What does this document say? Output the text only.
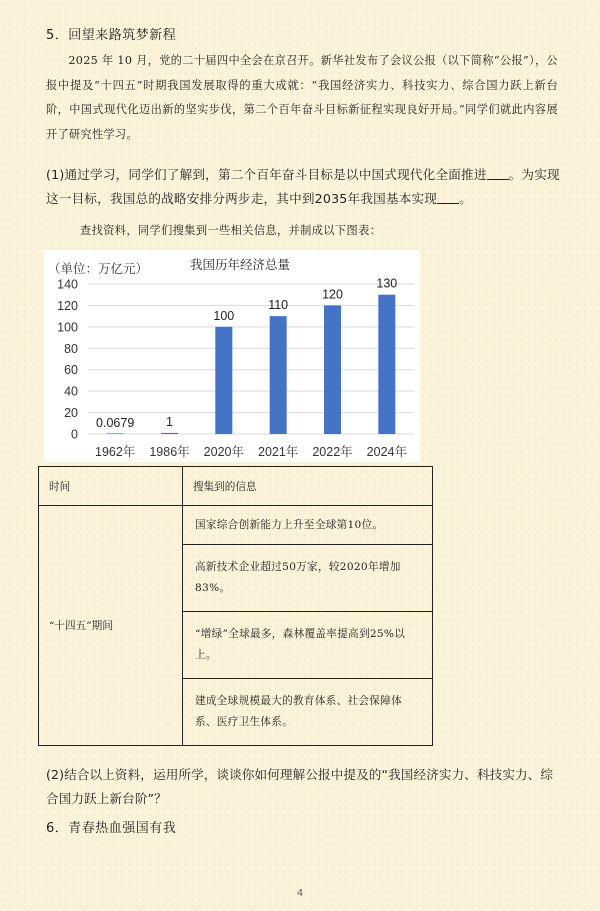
5．回望来路筑梦新程
2025 年 10 月，党的二十届四中全会在京召开。新华社发布了会议公报（以下简称“公报”），公报中提及“十四五”时期我国发展取得的重大成就：“我国经济实力、科技实力、综合国力跃上新台阶，中国式现代化迈出新的坚实步伐，第二个百年奋斗目标新征程实现良好开局。”同学们就此内容展开了研究性学习。
(1)通过学习，同学们了解到，第二个百年奋斗目标是以中国式现代化全面推进 。为实现这一目标，我国总的战略安排分两步走，其中到2035年我国基本实现 。
查找资料，同学们搜集到一些相关信息，并制成以下图表：
（单位：万亿元）	我国历年经济总量
0
20
40
60
80
100
120
140
0.0679
1962年
1
1986年
100
2020年
110
2021年
120
2022年
130
2024年
时间	搜集到的信息
“十四五”期间	国家综合创新能力上升至全球第10位。

	高新技术企业超过50万家，较2020年增加83%。

	“增绿”全球最多，森林覆盖率提高到25%以上。

	建成全球规模最大的教育体系、社会保障体系、医疗卫生体系。
(2)结合以上资料，运用所学，谈谈你如何理解公报中提及的“我国经济实力、科技实力、综合国力跃上新台阶”？
6．青春热血强国有我
4
